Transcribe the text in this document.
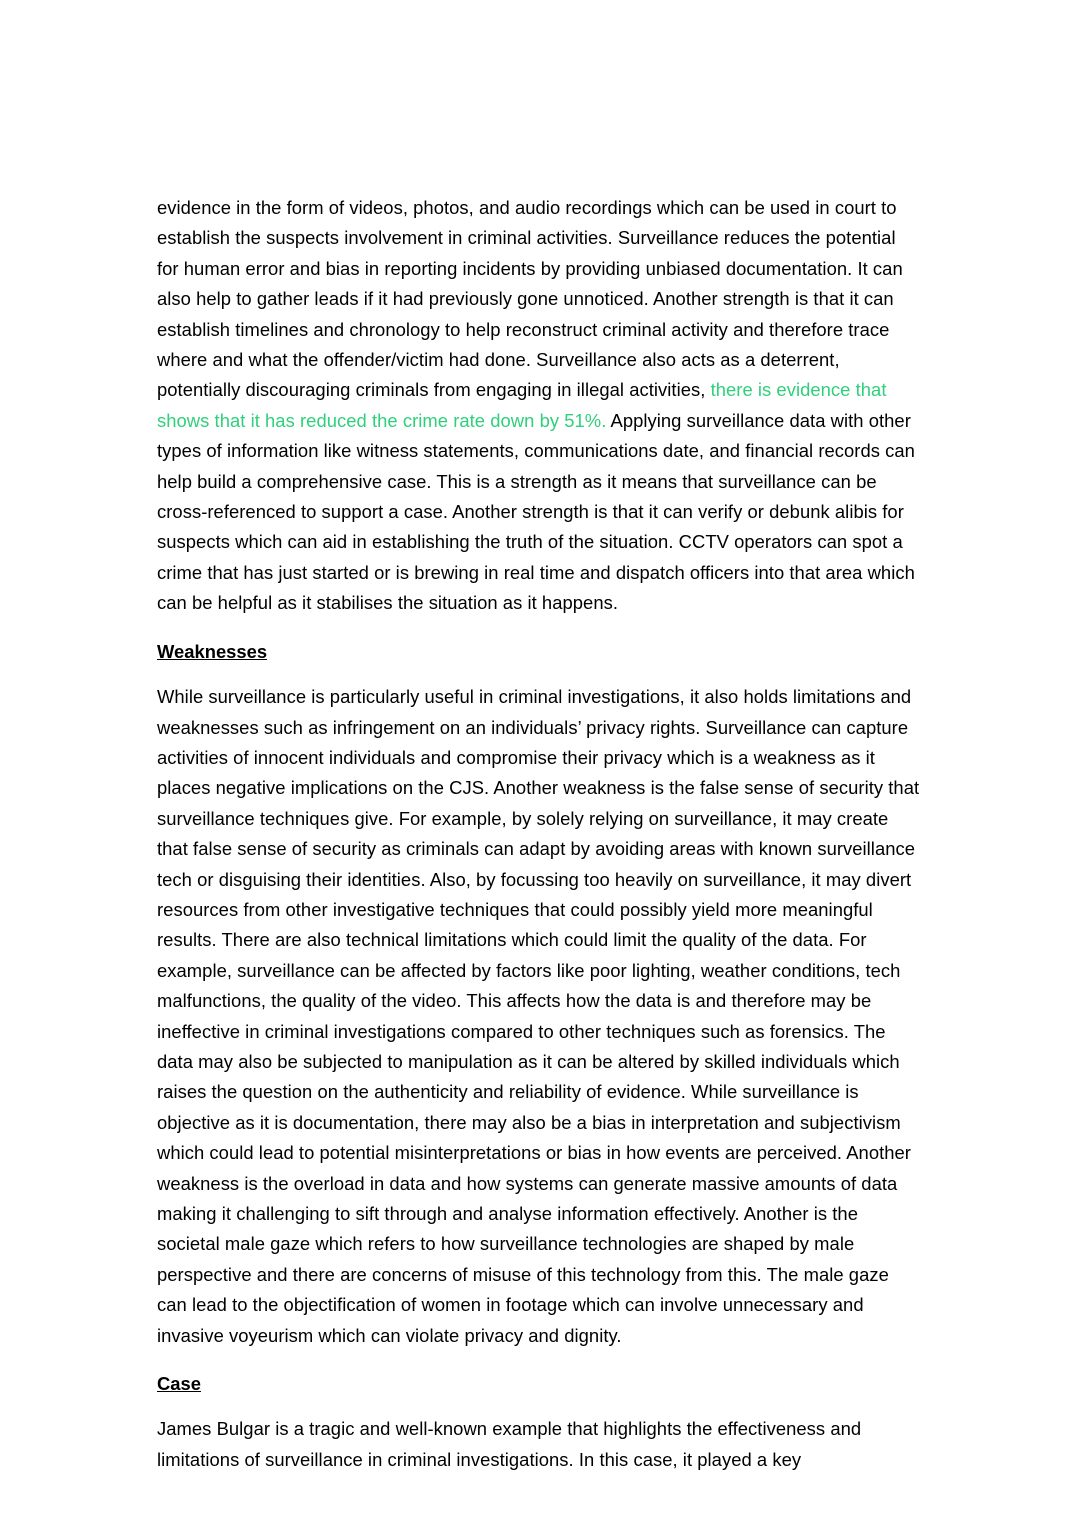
evidence in the form of videos, photos, and audio recordings which can be used in court to establish the suspects involvement in criminal activities. Surveillance reduces the potential for human error and bias in reporting incidents by providing unbiased documentation. It can also help to gather leads if it had previously gone unnoticed. Another strength is that it can establish timelines and chronology to help reconstruct criminal activity and therefore trace where and what the offender/victim had done. Surveillance also acts as a deterrent, potentially discouraging criminals from engaging in illegal activities, there is evidence that shows that it has reduced the crime rate down by 51%. Applying surveillance data with other types of information like witness statements, communications date, and financial records can help build a comprehensive case. This is a strength as it means that surveillance can be cross-referenced to support a case. Another strength is that it can verify or debunk alibis for suspects which can aid in establishing the truth of the situation. CCTV operators can spot a crime that has just started or is brewing in real time and dispatch officers into that area which can be helpful as it stabilises the situation as it happens.

Weaknesses

While surveillance is particularly useful in criminal investigations, it also holds limitations and weaknesses such as infringement on an individuals’ privacy rights. Surveillance can capture activities of innocent individuals and compromise their privacy which is a weakness as it places negative implications on the CJS. Another weakness is the false sense of security that surveillance techniques give. For example, by solely relying on surveillance, it may create that false sense of security as criminals can adapt by avoiding areas with known surveillance tech or disguising their identities. Also, by focussing too heavily on surveillance, it may divert resources from other investigative techniques that could possibly yield more meaningful results. There are also technical limitations which could limit the quality of the data. For example, surveillance can be affected by factors like poor lighting, weather conditions, tech malfunctions, the quality of the video. This affects how the data is and therefore may be ineffective in criminal investigations compared to other techniques such as forensics. The data may also be subjected to manipulation as it can be altered by skilled individuals which raises the question on the authenticity and reliability of evidence. While surveillance is objective as it is documentation, there may also be a bias in interpretation and subjectivism which could lead to potential misinterpretations or bias in how events are perceived. Another weakness is the overload in data and how systems can generate massive amounts of data making it challenging to sift through and analyse information effectively. Another is the societal male gaze which refers to how surveillance technologies are shaped by male perspective and there are concerns of misuse of this technology from this. The male gaze can lead to the objectification of women in footage which can involve unnecessary and invasive voyeurism which can violate privacy and dignity.

Case

James Bulgar is a tragic and well-known example that highlights the effectiveness and limitations of surveillance in criminal investigations. In this case, it played a key
